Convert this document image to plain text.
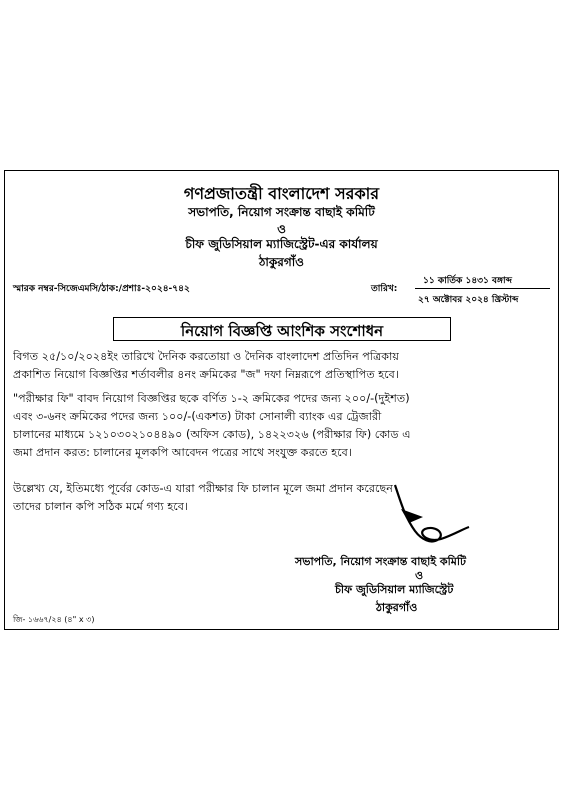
গণপ্রজাতন্ত্রী বাংলাদেশ সরকার
সভাপতি, নিয়োগ সংক্রান্ত বাছাই কমিটি
ও
চীফ জুডিসিয়াল ম্যাজিস্ট্রেট-এর কার্যালয়
ঠাকুরগাঁও
স্মারক নম্বর-সিজেএমসি/ঠাক:/প্রশাঃ-২০২৪-৭৪২	তারিখ:
১১ কার্তিক ১৪৩১ বঙ্গাব্দ
২৭ অক্টোবর ২০২৪ খ্রিস্টাব্দ
নিয়োগ বিজ্ঞপ্তি আংশিক সংশোধন
বিগত ২৫/১০/২০২৪ইং তারিখে দৈনিক করতোয়া ও দৈনিক বাংলাদেশ প্রতিদিন পত্রিকায়
প্রকাশিত নিয়োগ বিজ্ঞপ্তির শর্তাবলীর ৪নং ক্রমিকের "জ" দফা নিম্নরূপে প্রতিস্থাপিত হবে।
"পরীক্ষার ফি" বাবদ নিয়োগ বিজ্ঞপ্তির ছকে বর্ণিত ১-২ ক্রমিকের পদের জন্য ২০০/-(দুইশত)
এবং ৩-৬নং ক্রমিকের পদের জন্য ১০০/-(একশত) টাকা সোনালী ব্যাংক এর ট্রেজারী
চালানের মাধ্যমে ১২১০৩০২১০৪৪৯০ (অফিস কোড), ১৪২২৩২৬ (পরীক্ষার ফি) কোড এ
জমা প্রদান করত: চালানের মূলকপি আবেদন পত্রের সাথে সংযুক্ত করতে হবে।
উল্লেখ্য যে, ইতিমধ্যে পূর্বের কোড-এ যারা পরীক্ষার ফি চালান মূলে জমা প্রদান করেছেন
তাদের চালান কপি সঠিক মর্মে গণ্য হবে।
সভাপতি, নিয়োগ সংক্রান্ত বাছাই কমিটি
ও
চীফ জুডিসিয়াল ম্যাজিস্ট্রেট
ঠাকুরগাঁও
জি- ১৬৬৭/২৪ (৪" x ৩)
